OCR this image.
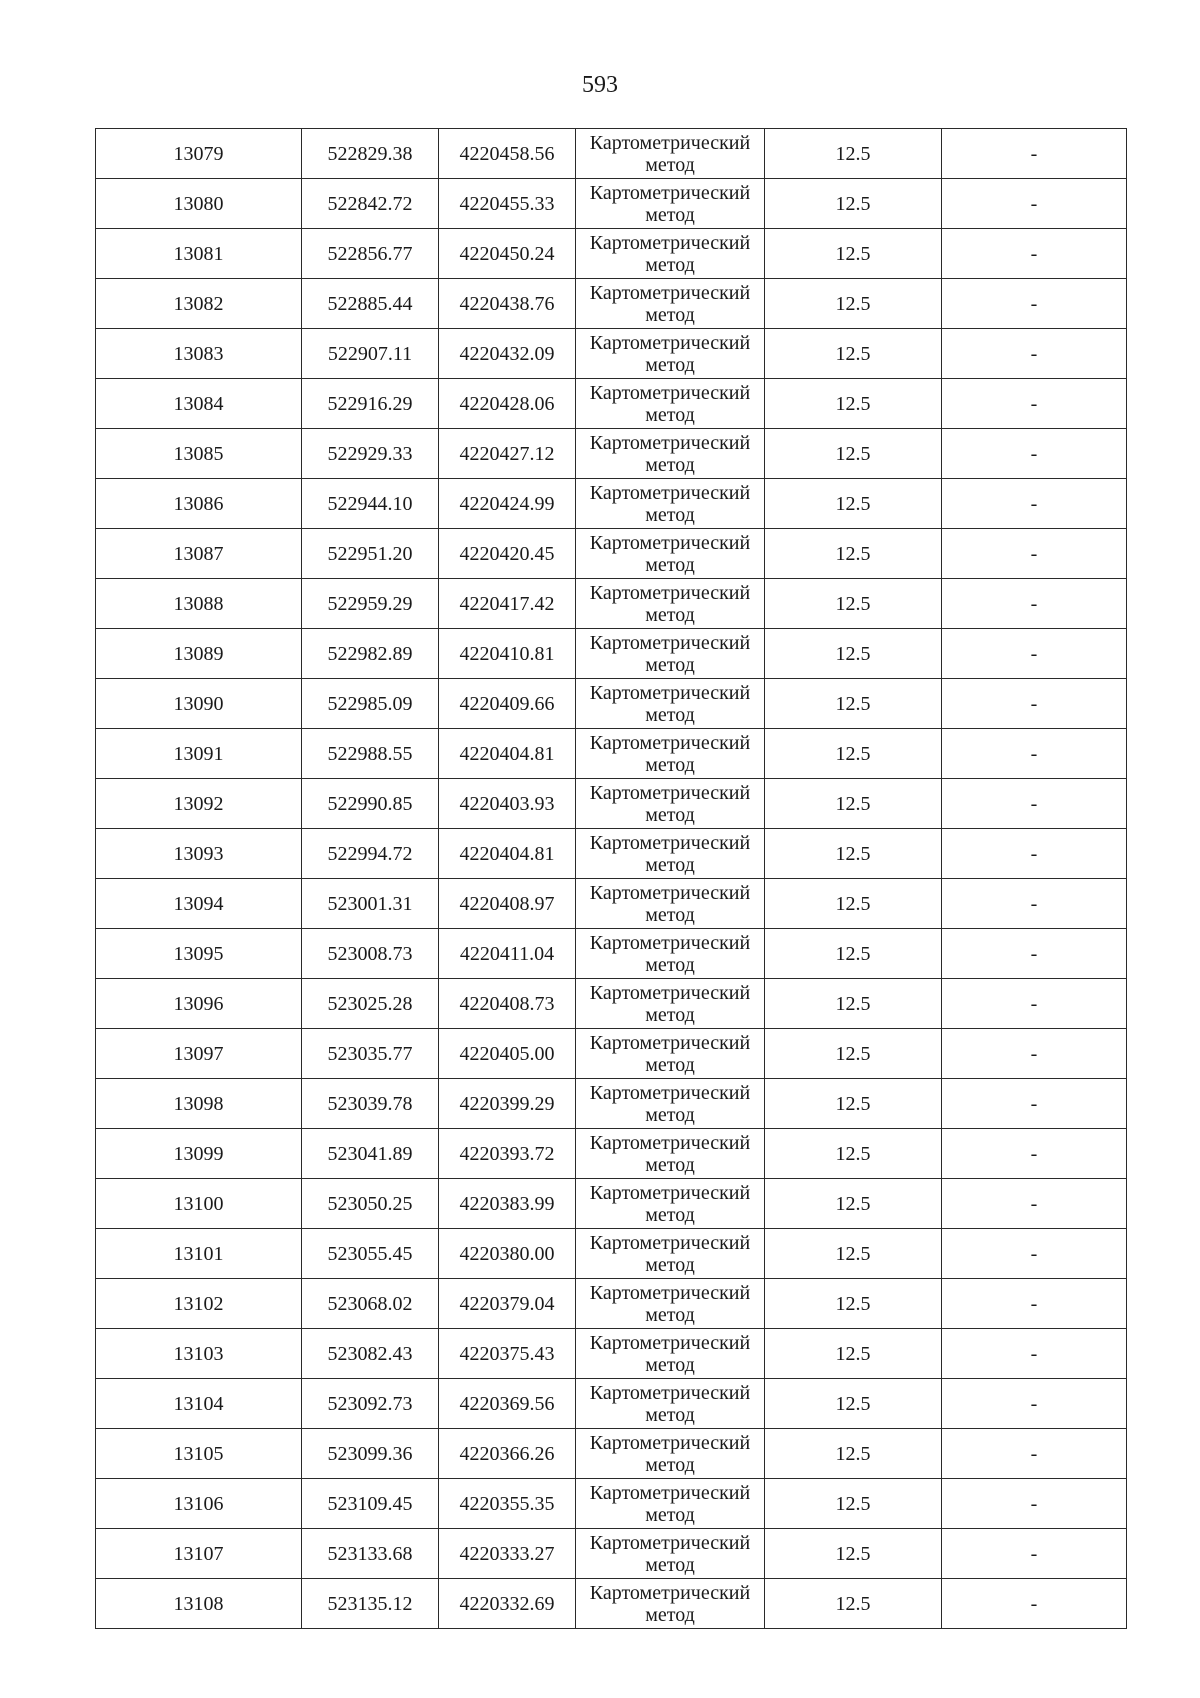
593
13079	522829.38	4220458.56	Картометрический метод	12.5	-
13080	522842.72	4220455.33	Картометрический метод	12.5	-
13081	522856.77	4220450.24	Картометрический метод	12.5	-
13082	522885.44	4220438.76	Картометрический метод	12.5	-
13083	522907.11	4220432.09	Картометрический метод	12.5	-
13084	522916.29	4220428.06	Картометрический метод	12.5	-
13085	522929.33	4220427.12	Картометрический метод	12.5	-
13086	522944.10	4220424.99	Картометрический метод	12.5	-
13087	522951.20	4220420.45	Картометрический метод	12.5	-
13088	522959.29	4220417.42	Картометрический метод	12.5	-
13089	522982.89	4220410.81	Картометрический метод	12.5	-
13090	522985.09	4220409.66	Картометрический метод	12.5	-
13091	522988.55	4220404.81	Картометрический метод	12.5	-
13092	522990.85	4220403.93	Картометрический метод	12.5	-
13093	522994.72	4220404.81	Картометрический метод	12.5	-
13094	523001.31	4220408.97	Картометрический метод	12.5	-
13095	523008.73	4220411.04	Картометрический метод	12.5	-
13096	523025.28	4220408.73	Картометрический метод	12.5	-
13097	523035.77	4220405.00	Картометрический метод	12.5	-
13098	523039.78	4220399.29	Картометрический метод	12.5	-
13099	523041.89	4220393.72	Картометрический метод	12.5	-
13100	523050.25	4220383.99	Картометрический метод	12.5	-
13101	523055.45	4220380.00	Картометрический метод	12.5	-
13102	523068.02	4220379.04	Картометрический метод	12.5	-
13103	523082.43	4220375.43	Картометрический метод	12.5	-
13104	523092.73	4220369.56	Картометрический метод	12.5	-
13105	523099.36	4220366.26	Картометрический метод	12.5	-
13106	523109.45	4220355.35	Картометрический метод	12.5	-
13107	523133.68	4220333.27	Картометрический метод	12.5	-
13108	523135.12	4220332.69	Картометрический метод	12.5	-
